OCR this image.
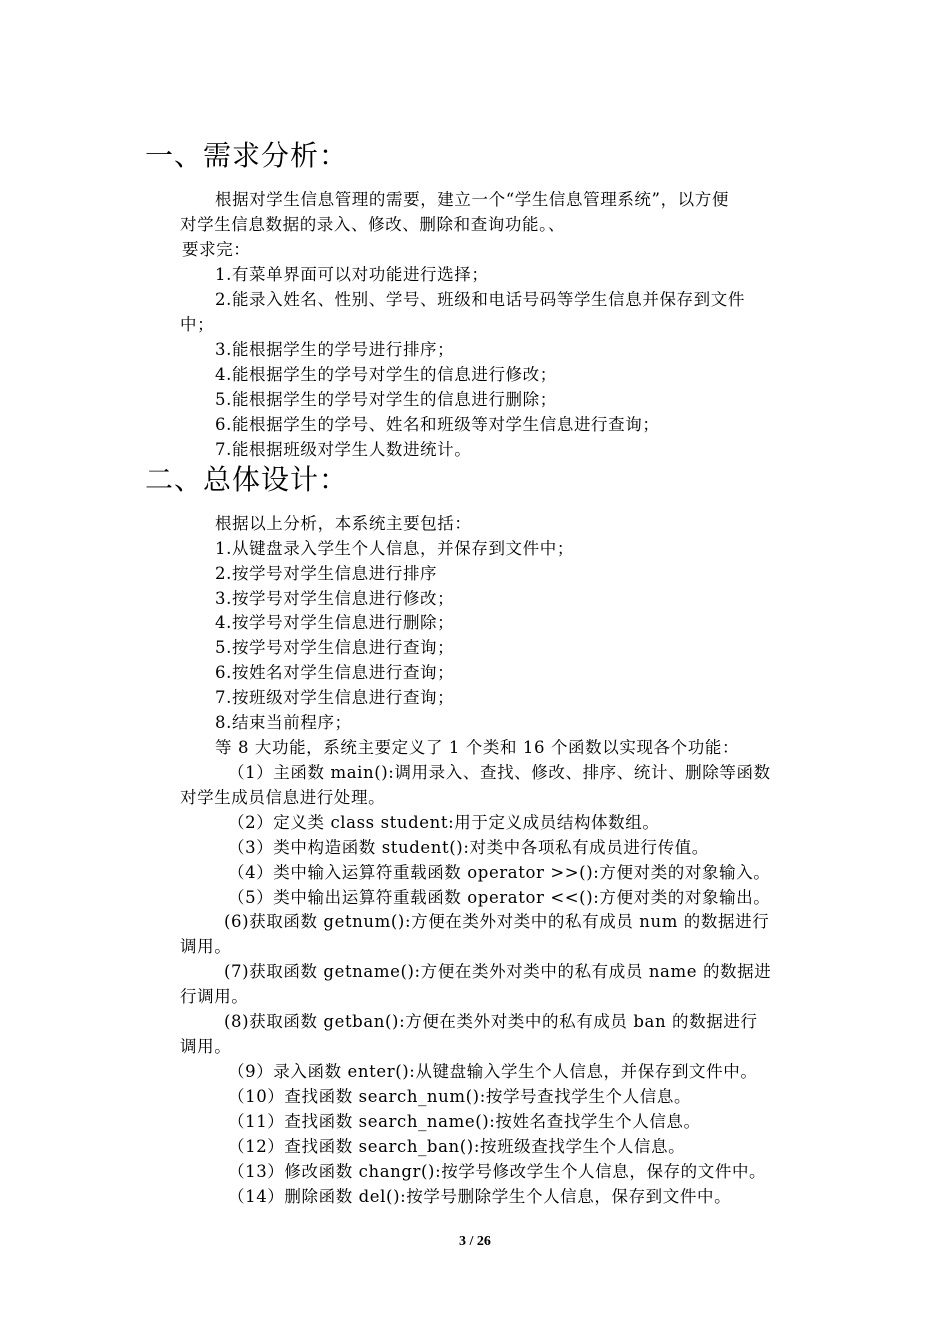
一、需求分析：
根据对学生信息管理的需要，建立一个“学生信息管理系统”，以方便
对学生信息数据的录入、修改、删除和查询功能。、
要求完：
1.有菜单界面可以对功能进行选择；
2.能录入姓名、性别、学号、班级和电话号码等学生信息并保存到文件
中；
3.能根据学生的学号进行排序；
4.能根据学生的学号对学生的信息进行修改；
5.能根据学生的学号对学生的信息进行删除；
6.能根据学生的学号、姓名和班级等对学生信息进行查询；
7.能根据班级对学生人数进统计。
二、总体设计：
根据以上分析，本系统主要包括：
1.从键盘录入学生个人信息，并保存到文件中；
2.按学号对学生信息进行排序
3.按学号对学生信息进行修改；
4.按学号对学生信息进行删除；
5.按学号对学生信息进行查询；
6.按姓名对学生信息进行查询；
7.按班级对学生信息进行查询；
8.结束当前程序；
等 8 大功能，系统主要定义了 1 个类和 16 个函数以实现各个功能：
（1）主函数 main():调用录入、查找、修改、排序、统计、删除等函数
对学生成员信息进行处理。
（2）定义类 class student:用于定义成员结构体数组。
（3）类中构造函数 student():对类中各项私有成员进行传值。
（4）类中输入运算符重载函数 operator >>():方便对类的对象输入。
（5）类中输出运算符重载函数 operator <<():方便对类的对象输出。
(6)获取函数 getnum():方便在类外对类中的私有成员 num 的数据进行
调用。
(7)获取函数 getname():方便在类外对类中的私有成员 name 的数据进
行调用。
(8)获取函数 getban():方便在类外对类中的私有成员 ban 的数据进行
调用。
（9）录入函数 enter():从键盘输入学生个人信息，并保存到文件中。
（10）查找函数 search_num():按学号查找学生个人信息。
（11）查找函数 search_name():按姓名查找学生个人信息。
（12）查找函数 search_ban():按班级查找学生个人信息。
（13）修改函数 changr():按学号修改学生个人信息，保存的文件中。
（14）删除函数 del():按学号删除学生个人信息，保存到文件中。
3 / 26
